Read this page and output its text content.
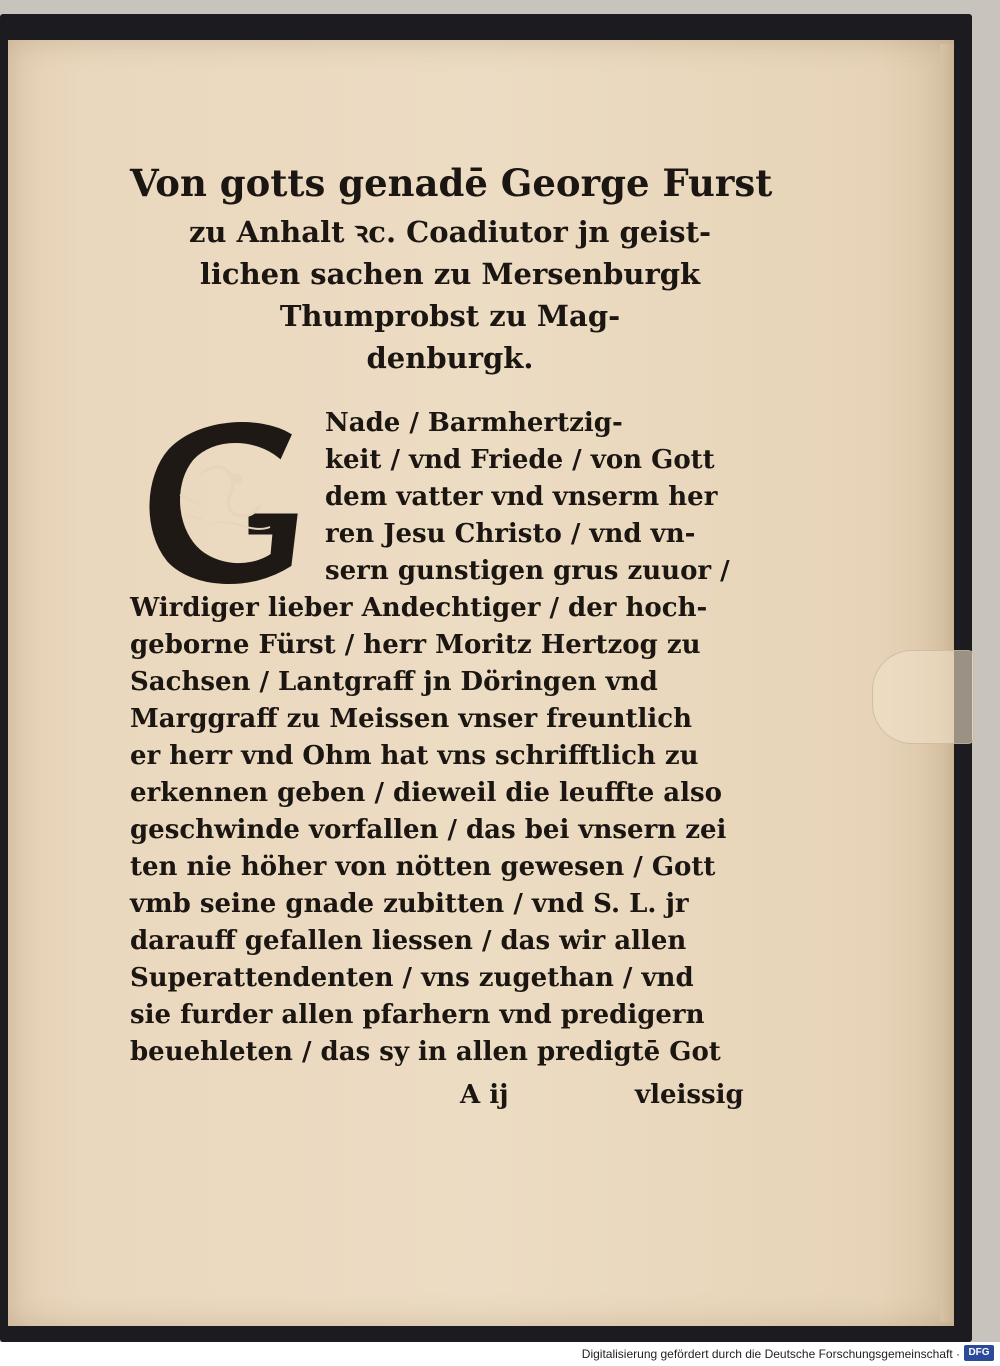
Von gotts genadē George Furst
zu Anhalt ꝛc. Coadiutor jn geist-
lichen sachen zu Mersenburgk
Thumprobst zu Mag-
denburgk.
Nade / Barmhertzig-
keit / vnd Friede / von Gott
dem vatter vnd vnserm her
ren Jesu Christo / vnd vn-
sern gunstigen grus zuuor /
Wirdiger lieber Andechtiger / der hoch-
geborne Fürst / herr Moritz Hertzog zu
Sachsen / Lantgraff jn Döringen vnd
Marggraff zu Meissen vnser freuntlich
er herr vnd Ohm hat vns schrifftlich zu
erkennen geben / dieweil die leuffte also
geschwinde vorfallen / das bei vnsern zei
ten nie höher von nötten gewesen / Gott
vmb seine gnade zubitten / vnd S. L. jr
darauff gefallen liessen / das wir allen
Superattendenten / vns zugethan / vnd
sie furder allen pfarhern vnd predigern
beuehleten / das sy in allen predigtē Got
A ij	vleissig
Digitalisierung gefördert durch die Deutsche Forschungsgemeinschaft · DFG
